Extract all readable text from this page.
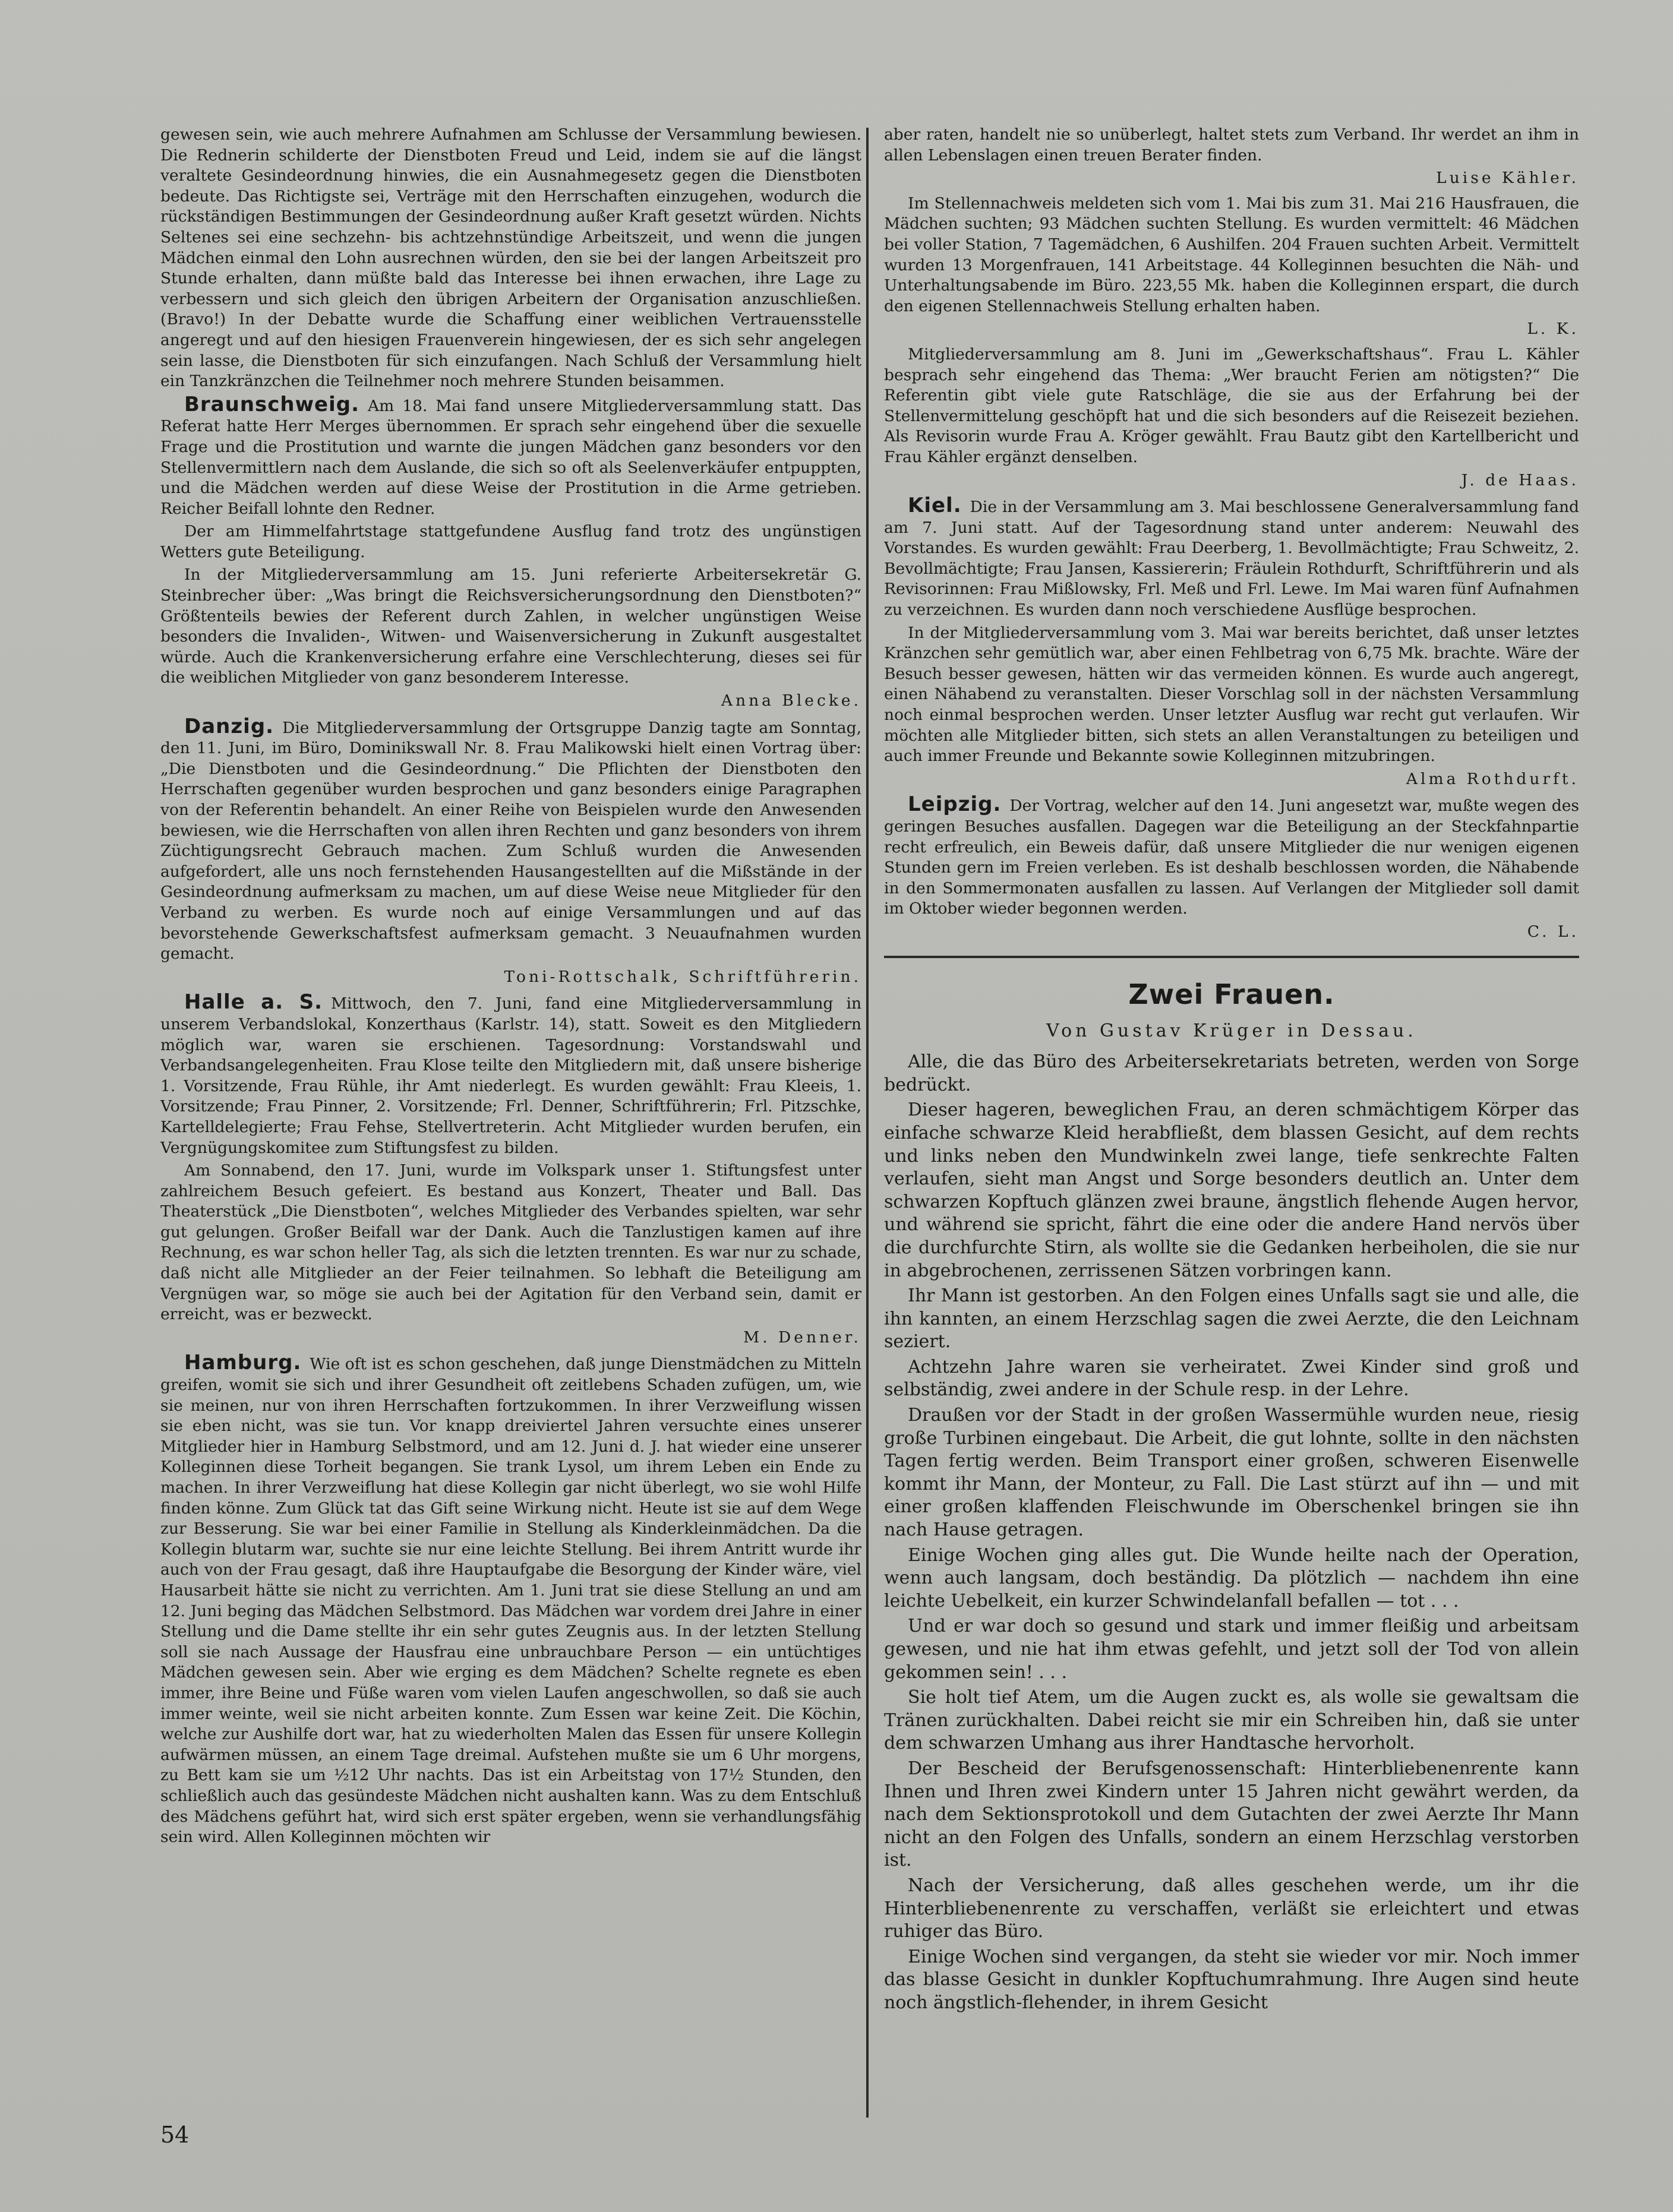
gewesen sein, wie auch mehrere Aufnahmen am Schlusse der Versammlung bewiesen. Die Rednerin schilderte der Dienstboten Freud und Leid, indem sie auf die längst veraltete Gesindeordnung hinwies, die ein Ausnahmegesetz gegen die Dienstboten bedeute. Das Richtigste sei, Verträge mit den Herrschaften einzugehen, wodurch die rückständigen Bestimmungen der Gesindeordnung außer Kraft gesetzt würden. Nichts Seltenes sei eine sechzehn- bis achtzehnstündige Arbeitszeit, und wenn die jungen Mädchen einmal den Lohn ausrechnen würden, den sie bei der langen Arbeitszeit pro Stunde erhalten, dann müßte bald das Interesse bei ihnen erwachen, ihre Lage zu verbessern und sich gleich den übrigen Arbeitern der Organisation anzuschließen. (Bravo!) In der Debatte wurde die Schaffung einer weiblichen Vertrauensstelle angeregt und auf den hiesigen Frauenverein hingewiesen, der es sich sehr angelegen sein lasse, die Dienstboten für sich einzufangen. Nach Schluß der Versammlung hielt ein Tanzkränzchen die Teilnehmer noch mehrere Stunden beisammen.

Braunschweig. Am 18. Mai fand unsere Mitgliederversammlung statt. Das Referat hatte Herr Merges übernommen. Er sprach sehr eingehend über die sexuelle Frage und die Prostitution und warnte die jungen Mädchen ganz besonders vor den Stellenvermittlern nach dem Auslande, die sich so oft als Seelenverkäufer entpuppten, und die Mädchen werden auf diese Weise der Prostitution in die Arme getrieben. Reicher Beifall lohnte den Redner.

Der am Himmelfahrtstage stattgefundene Ausflug fand trotz des ungünstigen Wetters gute Beteiligung.

In der Mitgliederversammlung am 15. Juni referierte Arbeitersekretär G. Steinbrecher über: „Was bringt die Reichsversicherungsordnung den Dienstboten?“ Größtenteils bewies der Referent durch Zahlen, in welcher ungünstigen Weise besonders die Invaliden-, Witwen- und Waisenversicherung in Zukunft ausgestaltet würde. Auch die Krankenversicherung erfahre eine Verschlechterung, dieses sei für die weiblichen Mitglieder von ganz besonderem Interesse.

Anna Blecke.

Danzig. Die Mitgliederversammlung der Ortsgruppe Danzig tagte am Sonntag, den 11. Juni, im Büro, Dominikswall Nr. 8. Frau Malikowski hielt einen Vortrag über: „Die Dienstboten und die Gesindeordnung.“ Die Pflichten der Dienstboten den Herrschaften gegenüber wurden besprochen und ganz besonders einige Paragraphen von der Referentin behandelt. An einer Reihe von Beispielen wurde den Anwesenden bewiesen, wie die Herrschaften von allen ihren Rechten und ganz besonders von ihrem Züchtigungsrecht Gebrauch machen. Zum Schluß wurden die Anwesenden aufgefordert, alle uns noch fernstehenden Hausangestellten auf die Mißstände in der Gesindeordnung aufmerksam zu machen, um auf diese Weise neue Mitglieder für den Verband zu werben. Es wurde noch auf einige Versammlungen und auf das bevorstehende Gewerkschaftsfest aufmerksam gemacht. 3 Neuaufnahmen wurden gemacht.

Toni-Rottschalk, Schriftführerin.

Halle a. S. Mittwoch, den 7. Juni, fand eine Mitgliederversammlung in unserem Verbandslokal, Konzerthaus (Karlstr. 14), statt. Soweit es den Mitgliedern möglich war, waren sie erschienen. Tagesordnung: Vorstandswahl und Verbandsangelegenheiten. Frau Klose teilte den Mitgliedern mit, daß unsere bisherige 1. Vorsitzende, Frau Rühle, ihr Amt niederlegt. Es wurden gewählt: Frau Kleeis, 1. Vorsitzende; Frau Pinner, 2. Vorsitzende; Frl. Denner, Schriftführerin; Frl. Pitzschke, Kartelldelegierte; Frau Fehse, Stellvertreterin. Acht Mitglieder wurden berufen, ein Vergnügungskomitee zum Stiftungsfest zu bilden.

Am Sonnabend, den 17. Juni, wurde im Volkspark unser 1. Stiftungsfest unter zahlreichem Besuch gefeiert. Es bestand aus Konzert, Theater und Ball. Das Theaterstück „Die Dienstboten“, welches Mitglieder des Verbandes spielten, war sehr gut gelungen. Großer Beifall war der Dank. Auch die Tanzlustigen kamen auf ihre Rechnung, es war schon heller Tag, als sich die letzten trennten. Es war nur zu schade, daß nicht alle Mitglieder an der Feier teilnahmen. So lebhaft die Beteiligung am Vergnügen war, so möge sie auch bei der Agitation für den Verband sein, damit er erreicht, was er bezweckt.

M. Denner.

Hamburg. Wie oft ist es schon geschehen, daß junge Dienstmädchen zu Mitteln greifen, womit sie sich und ihrer Gesundheit oft zeitlebens Schaden zufügen, um, wie sie meinen, nur von ihren Herrschaften fortzukommen. In ihrer Verzweiflung wissen sie eben nicht, was sie tun. Vor knapp dreiviertel Jahren versuchte eines unserer Mitglieder hier in Hamburg Selbstmord, und am 12. Juni d. J. hat wieder eine unserer Kolleginnen diese Torheit begangen. Sie trank Lysol, um ihrem Leben ein Ende zu machen. In ihrer Verzweiflung hat diese Kollegin gar nicht überlegt, wo sie wohl Hilfe finden könne. Zum Glück tat das Gift seine Wirkung nicht. Heute ist sie auf dem Wege zur Besserung. Sie war bei einer Familie in Stellung als Kinderkleinmädchen. Da die Kollegin blutarm war, suchte sie nur eine leichte Stellung. Bei ihrem Antritt wurde ihr auch von der Frau gesagt, daß ihre Hauptaufgabe die Besorgung der Kinder wäre, viel Hausarbeit hätte sie nicht zu verrichten. Am 1. Juni trat sie diese Stellung an und am 12. Juni beging das Mädchen Selbstmord. Das Mädchen war vordem drei Jahre in einer Stellung und die Dame stellte ihr ein sehr gutes Zeugnis aus. In der letzten Stellung soll sie nach Aussage der Hausfrau eine unbrauchbare Person — ein untüchtiges Mädchen gewesen sein. Aber wie erging es dem Mädchen? Schelte regnete es eben immer, ihre Beine und Füße waren vom vielen Laufen angeschwollen, so daß sie auch immer weinte, weil sie nicht arbeiten konnte. Zum Essen war keine Zeit. Die Köchin, welche zur Aushilfe dort war, hat zu wiederholten Malen das Essen für unsere Kollegin aufwärmen müssen, an einem Tage dreimal. Aufstehen mußte sie um 6 Uhr morgens, zu Bett kam sie um ½12 Uhr nachts. Das ist ein Arbeitstag von 17½ Stunden, den schließlich auch das gesündeste Mädchen nicht aushalten kann. Was zu dem Entschluß des Mädchens geführt hat, wird sich erst später ergeben, wenn sie verhandlungsfähig sein wird. Allen Kolleginnen möchten wir

aber raten, handelt nie so unüberlegt, haltet stets zum Verband. Ihr werdet an ihm in allen Lebenslagen einen treuen Berater finden.

Luise Kähler.

Im Stellennachweis meldeten sich vom 1. Mai bis zum 31. Mai 216 Hausfrauen, die Mädchen suchten; 93 Mädchen suchten Stellung. Es wurden vermittelt: 46 Mädchen bei voller Station, 7 Tagemädchen, 6 Aushilfen. 204 Frauen suchten Arbeit. Vermittelt wurden 13 Morgenfrauen, 141 Arbeitstage. 44 Kolleginnen besuchten die Näh- und Unterhaltungsabende im Büro. 223,55 Mk. haben die Kolleginnen erspart, die durch den eigenen Stellennachweis Stellung erhalten haben.

L. K.

Mitgliederversammlung am 8. Juni im „Gewerkschaftshaus“. Frau L. Kähler besprach sehr eingehend das Thema: „Wer braucht Ferien am nötigsten?“ Die Referentin gibt viele gute Ratschläge, die sie aus der Erfahrung bei der Stellenvermittelung geschöpft hat und die sich besonders auf die Reisezeit beziehen. Als Revisorin wurde Frau A. Kröger gewählt. Frau Bautz gibt den Kartellbericht und Frau Kähler ergänzt denselben.

J. de Haas.

Kiel. Die in der Versammlung am 3. Mai beschlossene Generalversammlung fand am 7. Juni statt. Auf der Tagesordnung stand unter anderem: Neuwahl des Vorstandes. Es wurden gewählt: Frau Deerberg, 1. Bevollmächtigte; Frau Schweitz, 2. Bevollmächtigte; Frau Jansen, Kassiererin; Fräulein Rothdurft, Schriftführerin und als Revisorinnen: Frau Mißlowsky, Frl. Meß und Frl. Lewe. Im Mai waren fünf Aufnahmen zu verzeichnen. Es wurden dann noch verschiedene Ausflüge besprochen.

In der Mitgliederversammlung vom 3. Mai war bereits berichtet, daß unser letztes Kränzchen sehr gemütlich war, aber einen Fehlbetrag von 6,75 Mk. brachte. Wäre der Besuch besser gewesen, hätten wir das vermeiden können. Es wurde auch angeregt, einen Nähabend zu veranstalten. Dieser Vorschlag soll in der nächsten Versammlung noch einmal besprochen werden. Unser letzter Ausflug war recht gut verlaufen. Wir möchten alle Mitglieder bitten, sich stets an allen Veranstaltungen zu beteiligen und auch immer Freunde und Bekannte sowie Kolleginnen mitzubringen.

Alma Rothdurft.

Leipzig. Der Vortrag, welcher auf den 14. Juni angesetzt war, mußte wegen des geringen Besuches ausfallen. Dagegen war die Beteiligung an der Steckfahnpartie recht erfreulich, ein Beweis dafür, daß unsere Mitglieder die nur wenigen eigenen Stunden gern im Freien verleben. Es ist deshalb beschlossen worden, die Nähabende in den Sommermonaten ausfallen zu lassen. Auf Verlangen der Mitglieder soll damit im Oktober wieder begonnen werden.

C. L.

Zwei Frauen.

Von Gustav Krüger in Dessau.

Alle, die das Büro des Arbeitersekretariats betreten, werden von Sorge bedrückt.

Dieser hageren, beweglichen Frau, an deren schmächtigem Körper das einfache schwarze Kleid herabfließt, dem blassen Gesicht, auf dem rechts und links neben den Mundwinkeln zwei lange, tiefe senkrechte Falten verlaufen, sieht man Angst und Sorge besonders deutlich an. Unter dem schwarzen Kopftuch glänzen zwei braune, ängstlich flehende Augen hervor, und während sie spricht, fährt die eine oder die andere Hand nervös über die durchfurchte Stirn, als wollte sie die Gedanken herbeiholen, die sie nur in abgebrochenen, zerrissenen Sätzen vorbringen kann.

Ihr Mann ist gestorben. An den Folgen eines Unfalls sagt sie und alle, die ihn kannten, an einem Herzschlag sagen die zwei Aerzte, die den Leichnam seziert.

Achtzehn Jahre waren sie verheiratet. Zwei Kinder sind groß und selbständig, zwei andere in der Schule resp. in der Lehre.

Draußen vor der Stadt in der großen Wassermühle wurden neue, riesig große Turbinen eingebaut. Die Arbeit, die gut lohnte, sollte in den nächsten Tagen fertig werden. Beim Transport einer großen, schweren Eisenwelle kommt ihr Mann, der Monteur, zu Fall. Die Last stürzt auf ihn — und mit einer großen klaffenden Fleischwunde im Oberschenkel bringen sie ihn nach Hause getragen.

Einige Wochen ging alles gut. Die Wunde heilte nach der Operation, wenn auch langsam, doch beständig. Da plötzlich — nachdem ihn eine leichte Uebelkeit, ein kurzer Schwindelanfall befallen — tot . . .

Und er war doch so gesund und stark und immer fleißig und arbeitsam gewesen, und nie hat ihm etwas gefehlt, und jetzt soll der Tod von allein gekommen sein! . . .

Sie holt tief Atem, um die Augen zuckt es, als wolle sie gewaltsam die Tränen zurückhalten. Dabei reicht sie mir ein Schreiben hin, daß sie unter dem schwarzen Umhang aus ihrer Handtasche hervorholt.

Der Bescheid der Berufsgenossenschaft: Hinterbliebenenrente kann Ihnen und Ihren zwei Kindern unter 15 Jahren nicht gewährt werden, da nach dem Sektionsprotokoll und dem Gutachten der zwei Aerzte Ihr Mann nicht an den Folgen des Unfalls, sondern an einem Herzschlag verstorben ist.

Nach der Versicherung, daß alles geschehen werde, um ihr die Hinterbliebenenrente zu verschaffen, verläßt sie erleichtert und etwas ruhiger das Büro.

Einige Wochen sind vergangen, da steht sie wieder vor mir. Noch immer das blasse Gesicht in dunkler Kopftuchumrahmung. Ihre Augen sind heute noch ängstlich-flehender, in ihrem Gesicht

54
